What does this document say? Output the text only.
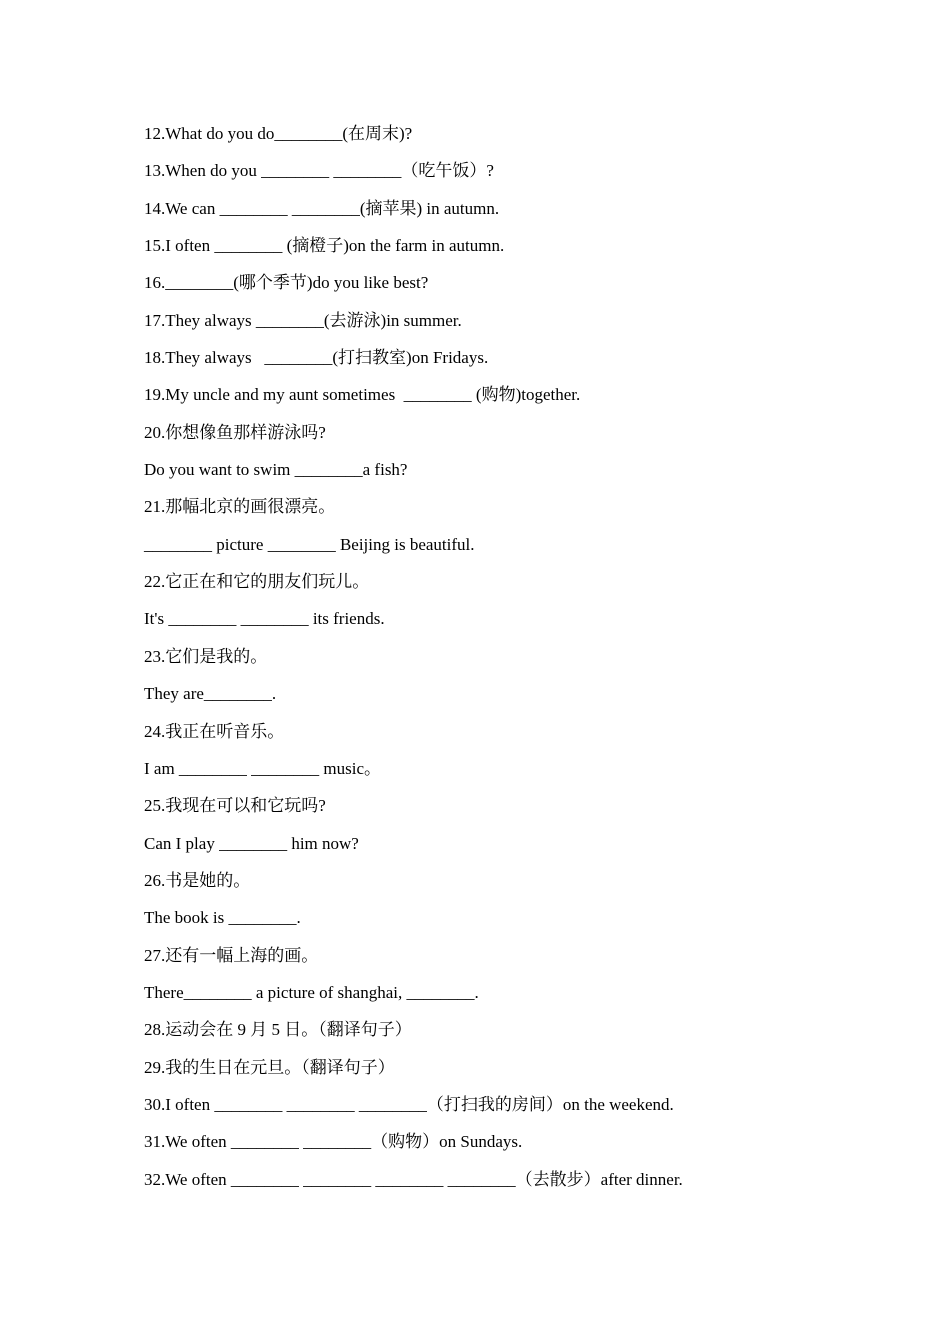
12.What do you do________(在周末)?
13.When do you ________ ________（吃午饭）?
14.We can ________ ________(摘苹果) in autumn.
15.I often ________ (摘橙子)on the farm in autumn.
16.________(哪个季节)do you like best?
17.They always ________(去游泳)in summer.
18.They always   ________(打扫教室)on Fridays.
19.My uncle and my aunt sometimes  ________ (购物)together.
20.你想像鱼那样游泳吗?
Do you want to swim ________a fish?
21.那幅北京的画很漂亮。
________ picture ________ Beijing is beautiful.
22.它正在和它的朋友们玩儿。
It's ________ ________ its friends.
23.它们是我的。
They are________.
24.我正在听音乐。
I am ________ ________ music。
25.我现在可以和它玩吗?
Can I play ________ him now?
26.书是她的。
The book is ________.
27.还有一幅上海的画。
There________ a picture of shanghai, ________.
28.运动会在 9 月 5 日。（翻译句子）
29.我的生日在元旦。（翻译句子）
30.I often ________ ________ ________（打扫我的房间）on the weekend.
31.We often ________ ________（购物）on Sundays.
32.We often ________ ________ ________ ________（去散步）after dinner.
